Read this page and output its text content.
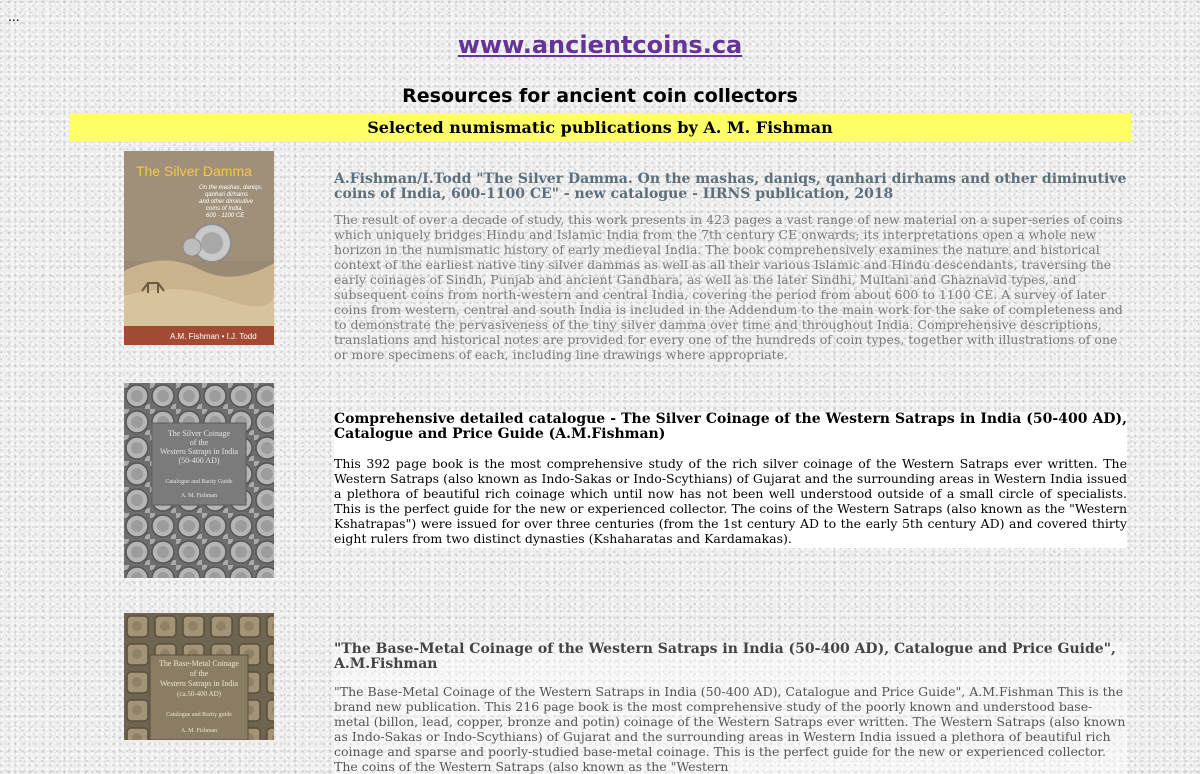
...
www.ancientcoins.ca
Resources for ancient coin collectors
Selected numismatic publications by A. M. Fishman
The Silver Damma
On the mashas, daniqs,
qanhari dirhams
and other diminutive
coins of India,
600 - 1100 CE
A.M. Fishman • I.J. Todd
A.Fishman/I.Todd "The Silver Damma. On the mashas, daniqs, qanhari dirhams and other diminutive coins of India, 600-1100 CE" - new catalogue - IIRNS publication, 2018

The result of over a decade of study, this work presents in 423 pages a vast range of new material on a super-series of coins which uniquely bridges Hindu and Islamic India from the 7th century CE onwards; its interpretations open a whole new horizon in the numismatic history of early medieval India. The book comprehensively examines the nature and historical context of the earliest native tiny silver dammas as well as all their various Islamic and Hindu descendants, traversing the early coinages of Sindh, Punjab and ancient Gandhara, as well as the later Sindhi, Multani and Ghaznavid types, and subsequent coins from north-western and central India, covering the period from about 600 to 1100 CE. A survey of later coins from western, central and south India is included in the Addendum to the main work for the sake of completeness and to demonstrate the pervasiveness of the tiny silver damma over time and throughout India. Comprehensive descriptions, translations and historical notes are provided for every one of the hundreds of coin types, together with illustrations of one or more specimens of each, including line drawings where appropriate.

The Silver Coinage
of the
Western Satraps in India
(50-400 AD)
Catalogue and Rarity Guide
A. M. Fishman
Comprehensive detailed catalogue - The Silver Coinage of the Western Satraps in India (50-400 AD), Catalogue and Price Guide (A.M.Fishman)

This 392 page book is the most comprehensive study of the rich silver coinage of the Western Satraps ever written. The Western Satraps (also known as Indo-Sakas or Indo-Scythians) of Gujarat and the surrounding areas in Western India issued a plethora of beautiful rich coinage which until now has not been well understood outside of a small circle of specialists. This is the perfect guide for the new or experienced collector. The coins of the Western Satraps (also known as the "Western Kshatrapas") were issued for over three centuries (from the 1st century AD to the early 5th century AD) and covered thirty eight rulers from two distinct dynasties (Kshaharatas and Kardamakas).

The Base-Metal Coinage
of the
Western Satraps in India
(ca.50-400 AD)
Catalogue and Rarity guide
A. M. Fishman
"The Base-Metal Coinage of the Western Satraps in India (50-400 AD), Catalogue and Price Guide", A.M.Fishman

"The Base-Metal Coinage of the Western Satraps in India (50-400 AD), Catalogue and Price Guide", A.M.Fishman This is the brand new publication. This 216 page book is the most comprehensive study of the poorly known and understood base-metal (billon, lead, copper, bronze and potin) coinage of the Western Satraps ever written. The Western Satraps (also known as Indo-Sakas or Indo-Scythians) of Gujarat and the surrounding areas in Western India issued a plethora of beautiful rich coinage and sparse and poorly-studied base-metal coinage. This is the perfect guide for the new or experienced collector. The coins of the Western Satraps (also known as the "Western
